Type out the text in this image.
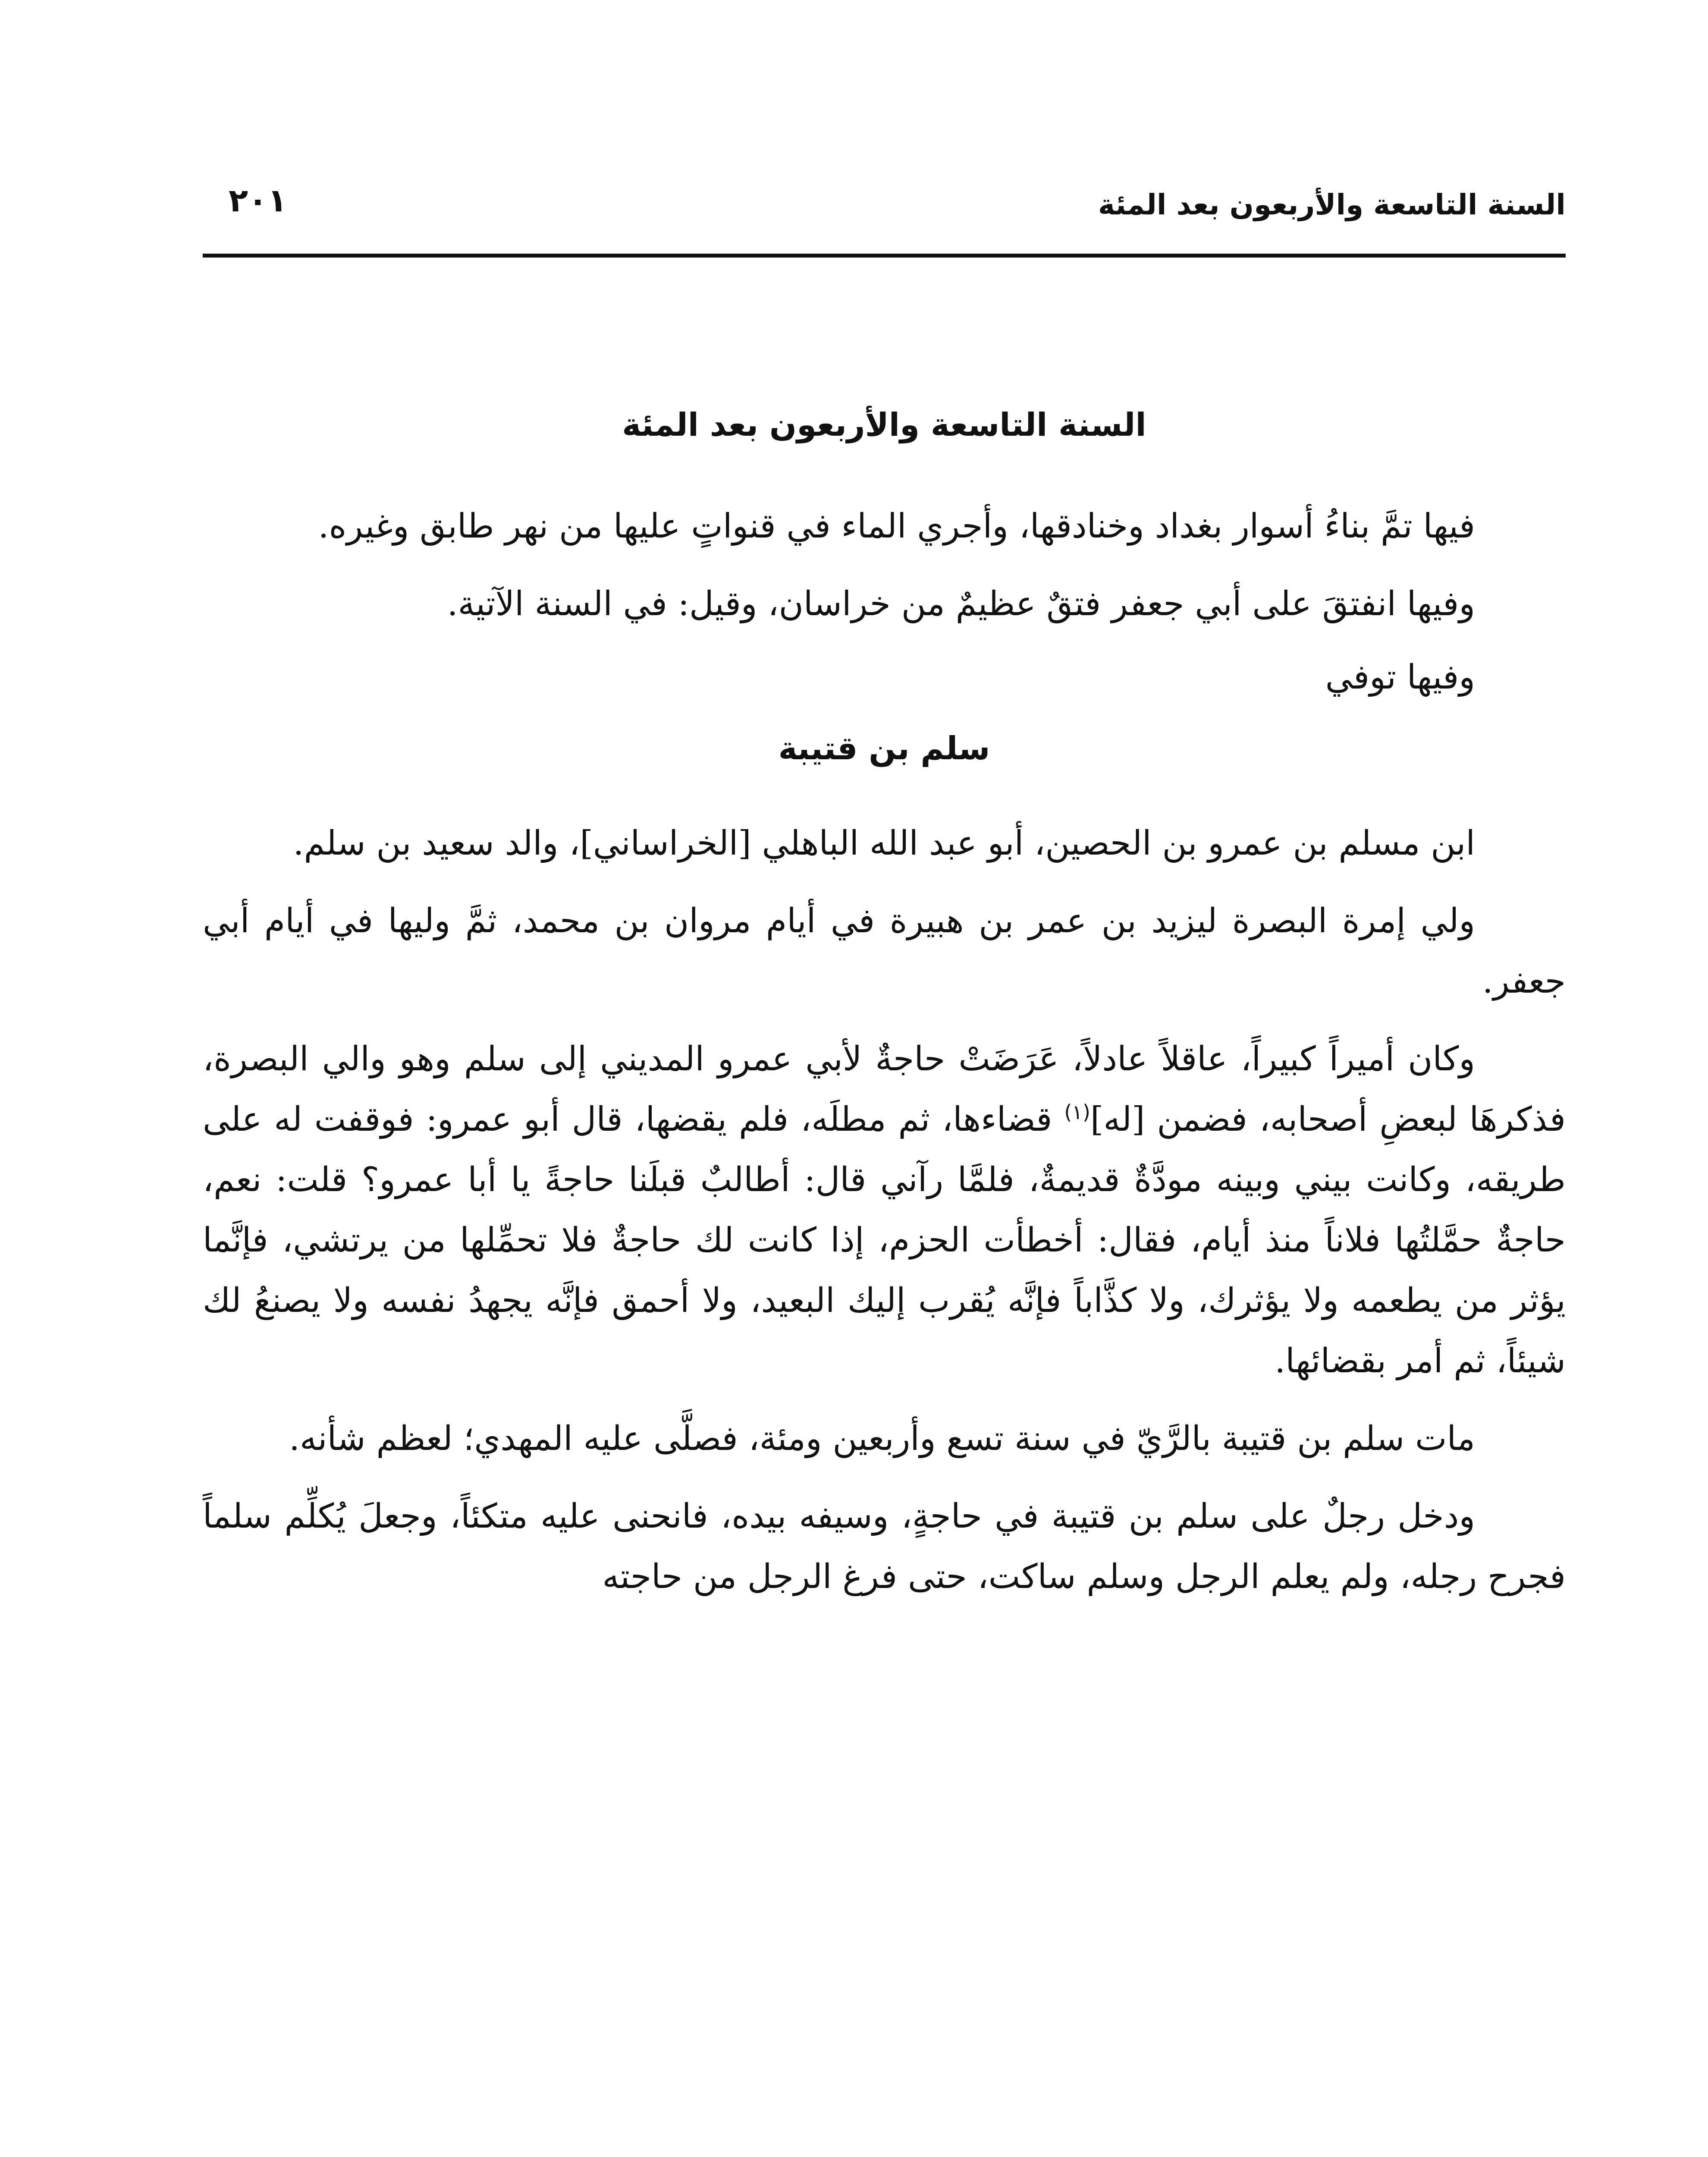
السنة التاسعة والأربعون بعد المئة
٢٠١
السنة التاسعة والأربعون بعد المئة

فيها تمَّ بناءُ أسوار بغداد وخنادقها، وأجري الماء في قنواتٍ عليها من نهر طابق وغيره.

وفيها انفتقَ على أبي جعفر فتقٌ عظيمٌ من خراسان، وقيل: في السنة الآتية.

وفيها توفي

سلم بن قتيبة

ابن مسلم بن عمرو بن الحصين، أبو عبد الله الباهلي [الخراساني]، والد سعيد بن سلم.

ولي إمرة البصرة ليزيد بن عمر بن هبيرة في أيام مروان بن محمد، ثمَّ وليها في أيام أبي جعفر.

وكان أميراً كبيراً، عاقلاً عادلاً، عَرَضَتْ حاجةٌ لأبي عمرو المديني إلى سلم وهو والي البصرة، فذكرهَا لبعضِ أصحابه، فضمن [له]$^{(١)}$ قضاءها، ثم مطلَه، فلم يقضها، قال أبو عمرو: فوقفت له على طريقه، وكانت بيني وبينه مودَّةٌ قديمةٌ، فلمَّا رآني قال: أطالبٌ قبلَنا حاجةً يا أبا عمرو؟ قلت: نعم، حاجةٌ حمَّلتُها فلاناً منذ أيام، فقال: أخطأت الحزم، إذا كانت لك حاجةٌ فلا تحمِّلها من يرتشي، فإنَّما يؤثر من يطعمه ولا يؤثرك، ولا كذَّاباً فإنَّه يُقرب إليك البعيد، ولا أحمق فإنَّه يجهدُ نفسه ولا يصنعُ لك شيئاً، ثم أمر بقضائها.

مات سلم بن قتيبة بالرَّيّ في سنة تسع وأربعين ومئة، فصلَّى عليه المهدي؛ لعظم شأنه.

ودخل رجلٌ على سلم بن قتيبة في حاجةٍ، وسيفه بيده، فانحنى عليه متكئاً، وجعلَ يُكلِّم سلماً فجرح رجله، ولم يعلم الرجل وسلم ساكت، حتى فرغ الرجل من حاجته
